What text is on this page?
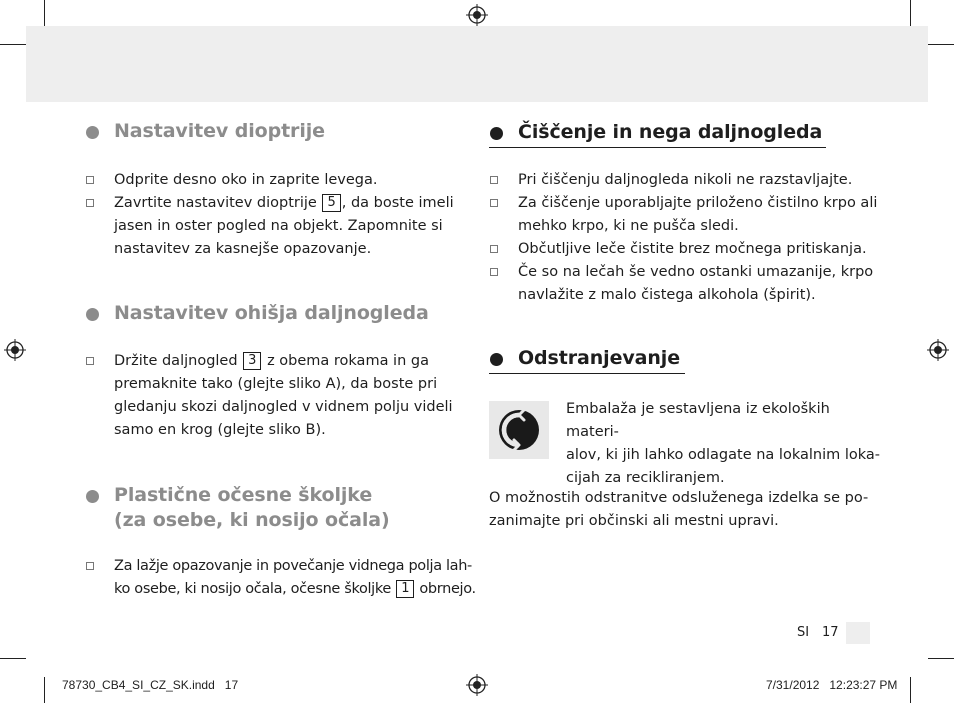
Nastavitev dioptrije
Odprite desno oko in zaprite levega.
Zavrtite nastavitev dioptrije 5 , da boste imeli jasen in oster pogled na objekt. Zapomnite si nastavitev za kasnejše opazovanje.
Nastavitev ohišja daljnogleda
Držite daljnogled 3 z obema rokama in ga premaknite tako (glejte sliko A), da boste pri gledanju skozi daljnogled v vidnem polju videli samo en krog (glejte sliko B).
Plastične očesne školjke
(za osebe, ki nosijo očala)
Za lažje opazovanje in povečanje vidnega polja lah-
ko osebe, ki nosijo očala, očesne školjke 1 obrnejo.
Čiščenje in nega daljnogleda
Pri čiščenju daljnogleda nikoli ne razstavljajte.
Za čiščenje uporabljajte priloženo čistilno krpo ali mehko krpo, ki ne pušča sledi.
Občutljive leče čistite brez močnega pritiskanja.
Če so na lečah še vedno ostanki umazanije, krpo navlažite z malo čistega alkohola (špirit).
Odstranjevanje
Embalaža je sestavljena iz ekoloških materi-
alov, ki jih lahko odlagate na lokalnim loka-
cijah za recikliranjem.
O možnostih odstranitve odsluženega izdelka se po-
zanimajte pri občinski ali mestni upravi.
SI 17
78730_CB4_SI_CZ_SK.indd   17	7/31/2012   12:23:27 PM
